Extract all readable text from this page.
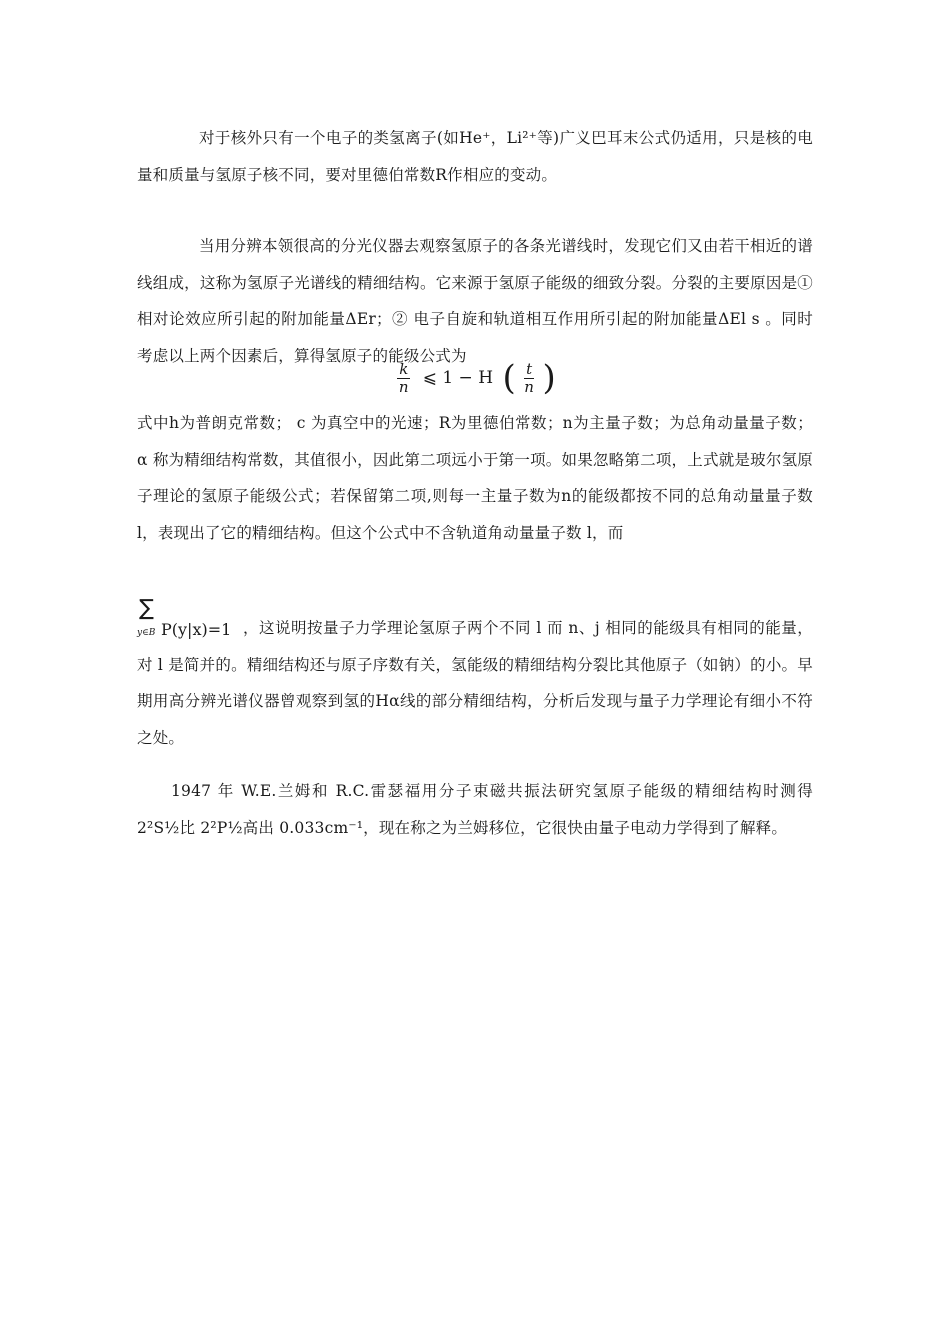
对于核外只有一个电子的类氢离子(如He⁺，Li²⁺等)广义巴耳末公式仍适用，只是核的电量和质量与氢原子核不同，要对里德伯常数R作相应的变动。

当用分辨本领很高的分光仪器去观察氢原子的各条光谱线时，发现它们又由若干相近的谱线组成，这称为氢原子光谱线的精细结构。它来源于氢原子能级的细致分裂。分裂的主要原因是①相对论效应所引起的附加能量ΔEr；② 电子自旋和轨道相互作用所引起的附加能量ΔEl s 。同时考虑以上两个因素后，算得氢原子的能级公式为

$\frac{k}{n}$ ⩽ 1 − H ( $\frac{t}{n}$ )

式中h为普朗克常数； c 为真空中的光速；R为里德伯常数；n为主量子数；为总角动量量子数； α 称为精细结构常数，其值很小，因此第二项远小于第一项。如果忽略第二项，上式就是玻尔氢原子理论的氢原子能级公式；若保留第二项,则每一主量子数为n的能级都按不同的总角动量量子数 l，表现出了它的精细结构。但这个公式中不含轨道角动量量子数 l，而

∑
y∈B P(y|x)=1 ，这说明按量子力学理论氢原子两个不同 l 而 n、j 相同的能级具有相同的能量，对 l 是简并的。精细结构还与原子序数有关，氢能级的精细结构分裂比其他原子（如钠）的小。早期用高分辨光谱仪器曾观察到氢的Hα线的部分精细结构，分析后发现与量子力学理论有细小不符之处。

1947 年 W.E.兰姆和 R.C.雷瑟福用分子束磁共振法研究氢原子能级的精细结构时测得 2²S½比 2²P½高出 0.033cm⁻¹，现在称之为兰姆移位，它很快由量子电动力学得到了解释。
